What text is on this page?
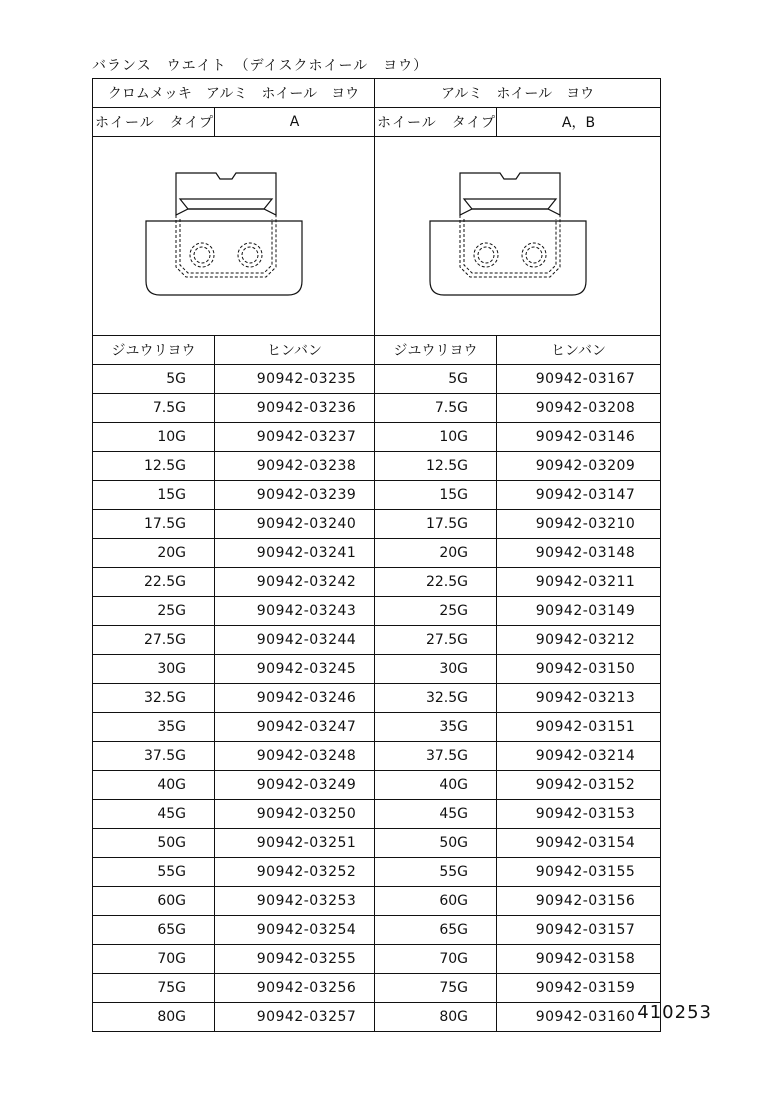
バランス　ウエイト　（デイスクホイール　ヨウ）
クロムメッキ　アルミ　ホイール　ヨウ		アルミ　ホイール　ヨウ	
ホイール　タイプ	A	ホイール　タイプ	A，B

ジユウリヨウ	ヒンバン	ジユウリヨウ	ヒンバン
5G	90942-03235	5G	90942-03167
7.5G	90942-03236	7.5G	90942-03208
10G	90942-03237	10G	90942-03146
12.5G	90942-03238	12.5G	90942-03209
15G	90942-03239	15G	90942-03147
17.5G	90942-03240	17.5G	90942-03210
20G	90942-03241	20G	90942-03148
22.5G	90942-03242	22.5G	90942-03211
25G	90942-03243	25G	90942-03149
27.5G	90942-03244	27.5G	90942-03212
30G	90942-03245	30G	90942-03150
32.5G	90942-03246	32.5G	90942-03213
35G	90942-03247	35G	90942-03151
37.5G	90942-03248	37.5G	90942-03214
40G	90942-03249	40G	90942-03152
45G	90942-03250	45G	90942-03153
50G	90942-03251	50G	90942-03154
55G	90942-03252	55G	90942-03155
60G	90942-03253	60G	90942-03156
65G	90942-03254	65G	90942-03157
70G	90942-03255	70G	90942-03158
75G	90942-03256	75G	90942-03159
80G	90942-03257	80G	90942-03160 410253
